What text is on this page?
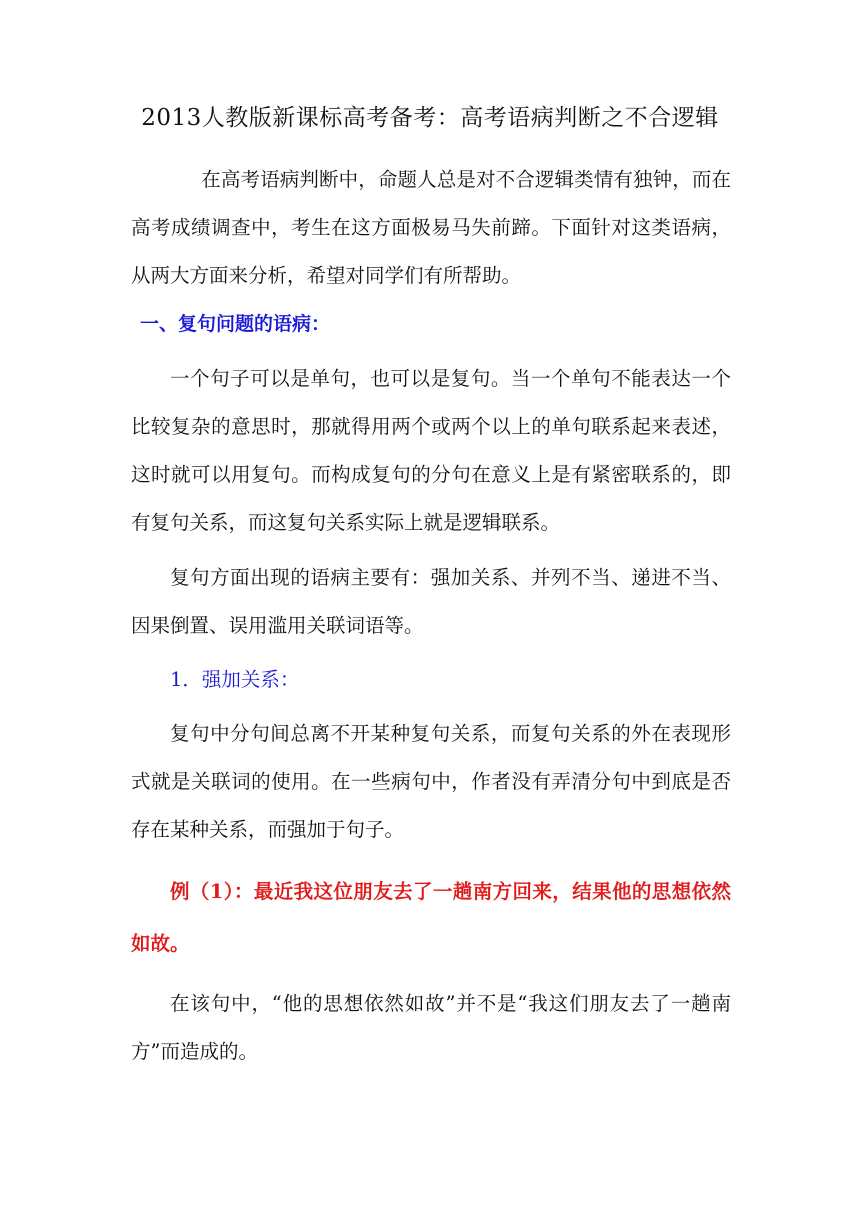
2013人教版新课标高考备考：高考语病判断之不合逻辑

在高考语病判断中，命题人总是对不合逻辑类情有独钟，而在高考成绩调查中，考生在这方面极易马失前蹄。下面针对这类语病，从两大方面来分析，希望对同学们有所帮助。

一、复句问题的语病：

一个句子可以是单句，也可以是复句。当一个单句不能表达一个比较复杂的意思时，那就得用两个或两个以上的单句联系起来表述，这时就可以用复句。而构成复句的分句在意义上是有紧密联系的，即有复句关系，而这复句关系实际上就是逻辑联系。

复句方面出现的语病主要有：强加关系、并列不当、递进不当、因果倒置、误用滥用关联词语等。

1．强加关系：

复句中分句间总离不开某种复句关系，而复句关系的外在表现形式就是关联词的使用。在一些病句中，作者没有弄清分句中到底是否存在某种关系，而强加于句子。

例（1）：最近我这位朋友去了一趟南方回来，结果他的思想依然如故。

在该句中，“他的思想依然如故”并不是“我这们朋友去了一趟南方”而造成的。
